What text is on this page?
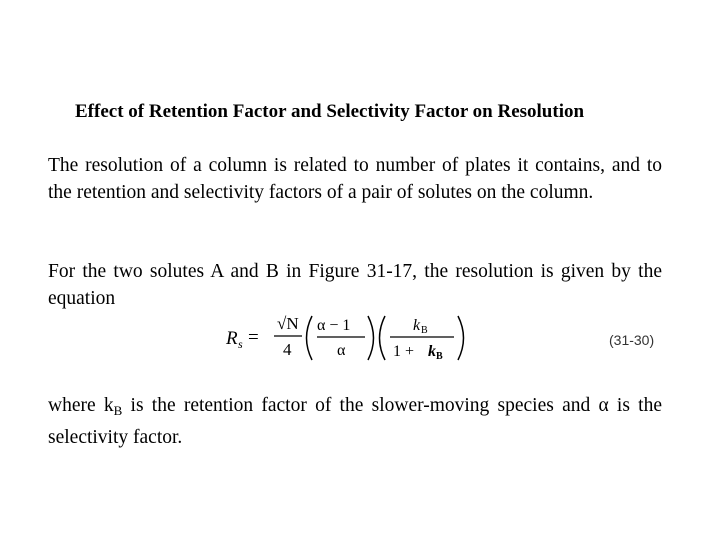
Effect of Retention Factor and Selectivity Factor on Resolution
The resolution of a column is related to number of plates it contains, and to the retention and selectivity factors of a pair of solutes on the column.
For the two solutes A and B in Figure 31-17, the resolution is given by the equation
R s =
√N
4
α − 1
α
k B
1 + k B
(31-30)
where $k_B$ is the retention factor of the slower-moving species and α is the selectivity factor.
